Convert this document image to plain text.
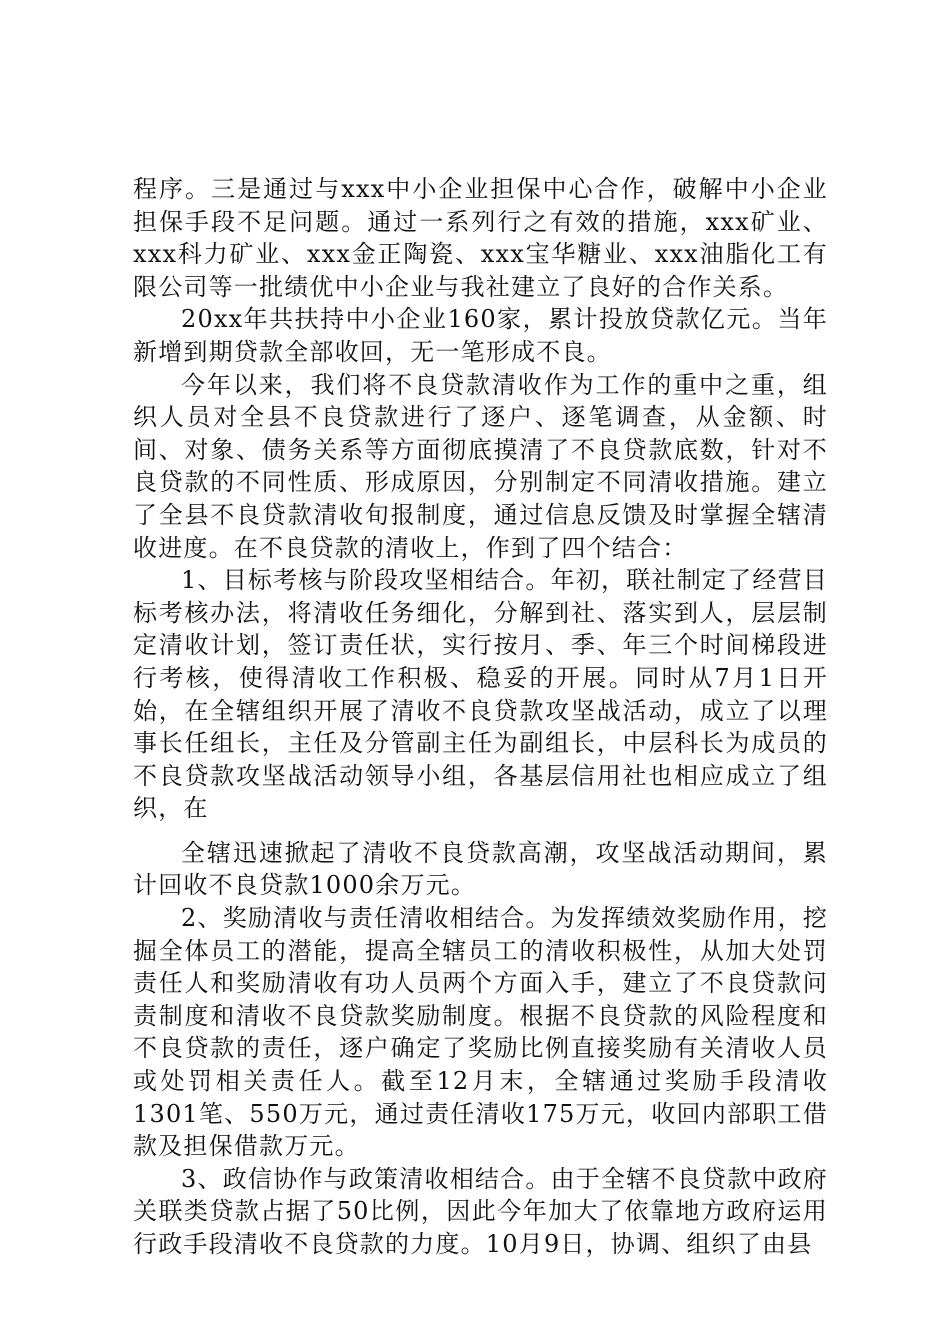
程序。三是通过与xxx中小企业担保中心合作，破解中小企业担保手段不足问题。通过一系列行之有效的措施，xxx矿业、xxx科力矿业、xxx金正陶瓷、xxx宝华糖业、xxx油脂化工有限公司等一批绩优中小企业与我社建立了良好的合作关系。

20xx年共扶持中小企业160家，累计投放贷款亿元。当年新增到期贷款全部收回，无一笔形成不良。

今年以来，我们将不良贷款清收作为工作的重中之重，组织人员对全县不良贷款进行了逐户、逐笔调查，从金额、时间、对象、债务关系等方面彻底摸清了不良贷款底数，针对不良贷款的不同性质、形成原因，分别制定不同清收措施。建立了全县不良贷款清收旬报制度，通过信息反馈及时掌握全辖清收进度。在不良贷款的清收上，作到了四个结合：

1、目标考核与阶段攻坚相结合。年初，联社制定了经营目标考核办法，将清收任务细化，分解到社、落实到人，层层制定清收计划，签订责任状，实行按月、季、年三个时间梯段进行考核，使得清收工作积极、稳妥的开展。同时从7月1日开始，在全辖组织开展了清收不良贷款攻坚战活动，成立了以理事长任组长，主任及分管副主任为副组长，中层科长为成员的不良贷款攻坚战活动领导小组，各基层信用社也相应成立了组织，在

全辖迅速掀起了清收不良贷款高潮，攻坚战活动期间，累计回收不良贷款1000余万元。

2、奖励清收与责任清收相结合。为发挥绩效奖励作用，挖掘全体员工的潜能，提高全辖员工的清收积极性，从加大处罚责任人和奖励清收有功人员两个方面入手，建立了不良贷款问责制度和清收不良贷款奖励制度。根据不良贷款的风险程度和不良贷款的责任，逐户确定了奖励比例直接奖励有关清收人员或处罚相关责任人。截至12月末，全辖通过奖励手段清收1301笔、550万元，通过责任清收175万元，收回内部职工借款及担保借款万元。

3、政信协作与政策清收相结合。由于全辖不良贷款中政府关联类贷款占据了50比例，因此今年加大了依靠地方政府运用行政手段清收不良贷款的力度。10月9日，协调、组织了由县
